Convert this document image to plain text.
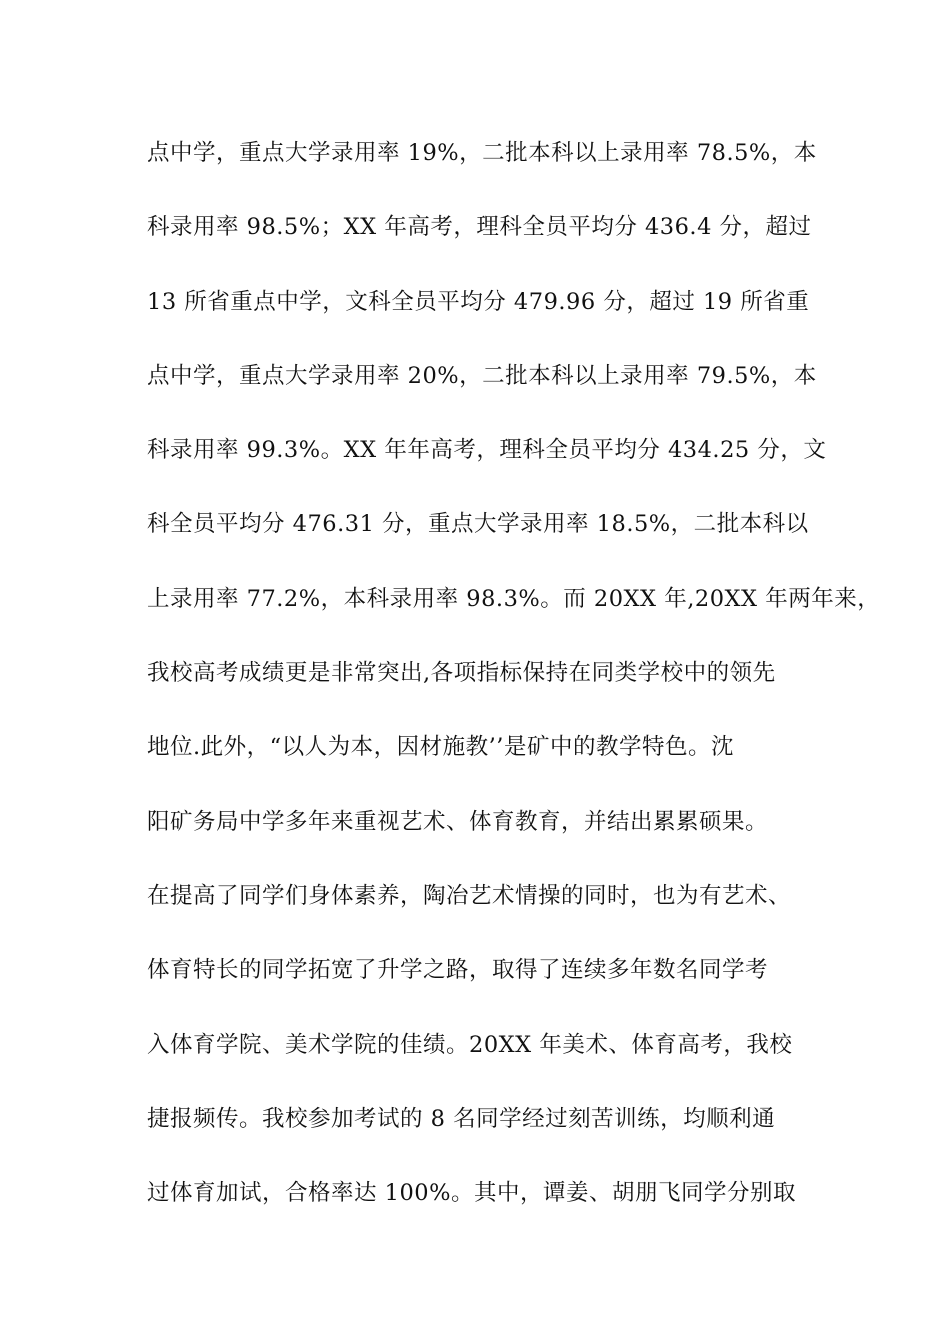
点中学，重点大学录用率 19%，二批本科以上录用率 78.5%，本
科录用率 98.5%；XX 年高考，理科全员平均分 436.4 分，超过
13 所省重点中学，文科全员平均分 479.96 分，超过 19 所省重
点中学，重点大学录用率 20%，二批本科以上录用率 79.5%，本
科录用率 99.3%。XX 年年高考，理科全员平均分 434.25 分，文
科全员平均分 476.31 分，重点大学录用率 18.5%，二批本科以
上录用率 77.2%，本科录用率 98.3%。而 20XX 年,20XX 年两年来，
我校高考成绩更是非常突出,各项指标保持在同类学校中的领先
地位.此外，“以人为本，因材施教’’是矿中的教学特色。沈
阳矿务局中学多年来重视艺术、体育教育，并结出累累硕果。
在提高了同学们身体素养，陶冶艺术情操的同时，也为有艺术、
体育特长的同学拓宽了升学之路，取得了连续多年数名同学考
入体育学院、美术学院的佳绩。20XX 年美术、体育高考，我校
捷报频传。我校参加考试的 8 名同学经过刻苦训练，均顺利通
过体育加试，合格率达 100%。其中，谭姜、胡朋飞同学分别取
